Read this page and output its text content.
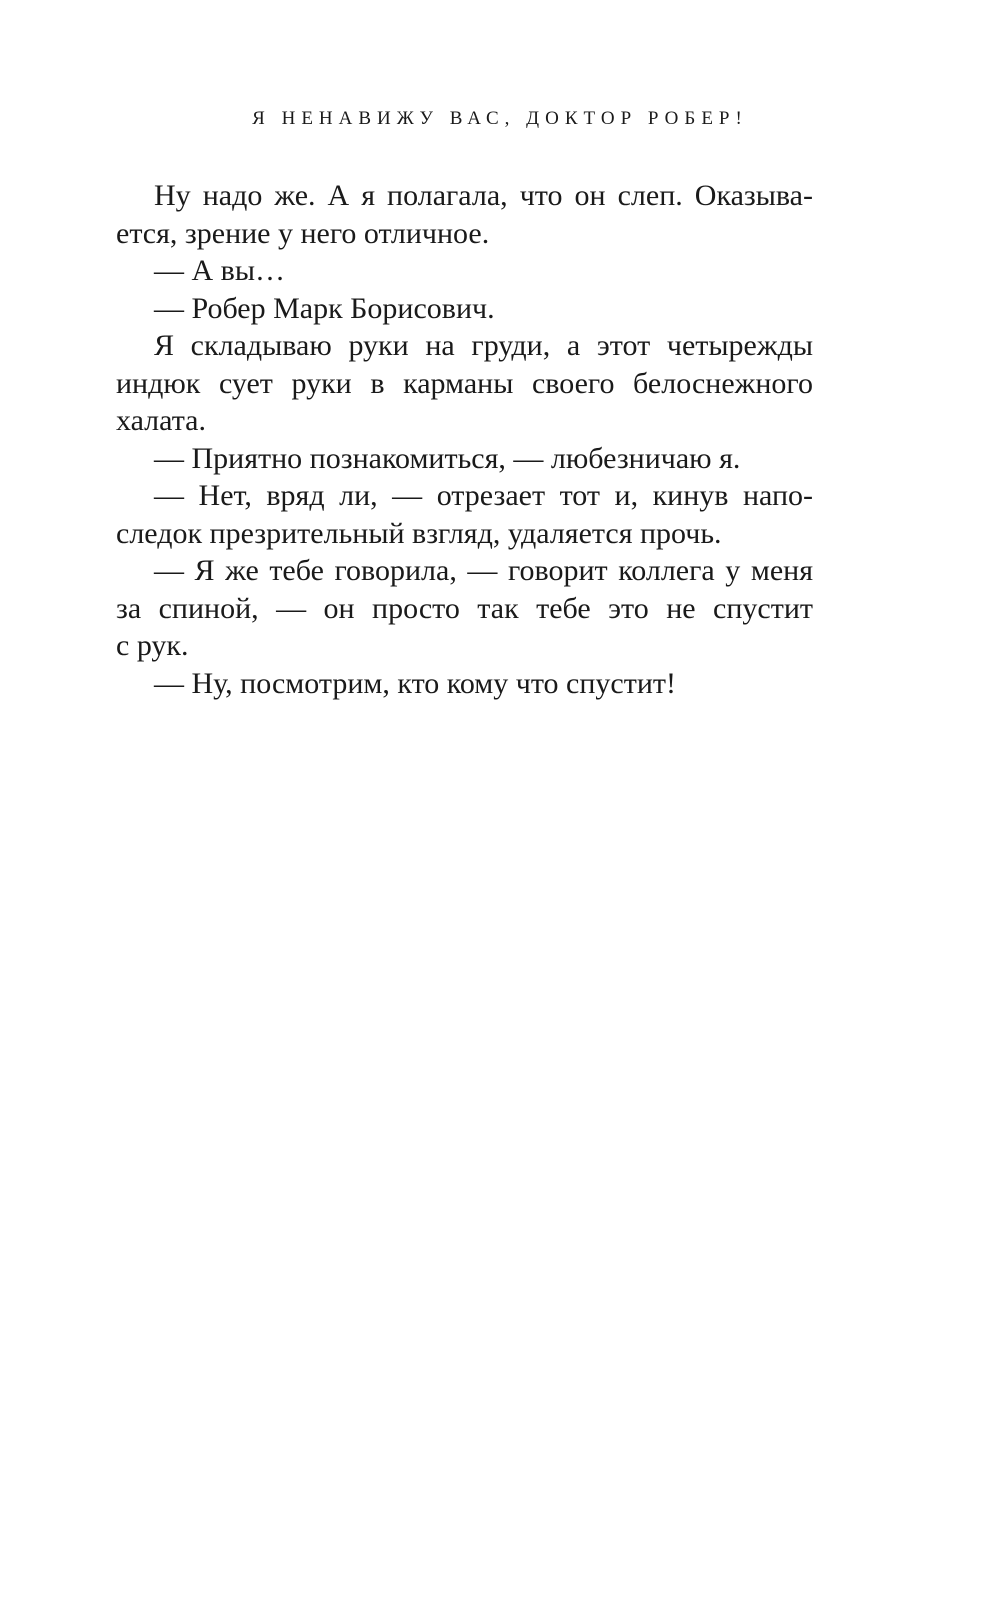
Я НЕНАВИЖУ ВАС, ДОКТОР РОБЕР!
Ну надо же. А я полагала, что он слеп. Оказыва-
ется, зрение у него отличное.
— А вы…
— Робер Марк Борисович.
Я складываю руки на груди, а этот четырежды
индюк сует руки в карманы своего белоснежного
халата.
— Приятно познакомиться, — любезничаю я.
— Нет, вряд ли, — отрезает тот и, кинув напо-
следок презрительный взгляд, удаляется прочь.
— Я же тебе говорила, — говорит коллега у меня
за спиной, — он просто так тебе это не спустит
с рук.
— Ну, посмотрим, кто кому что спустит!
